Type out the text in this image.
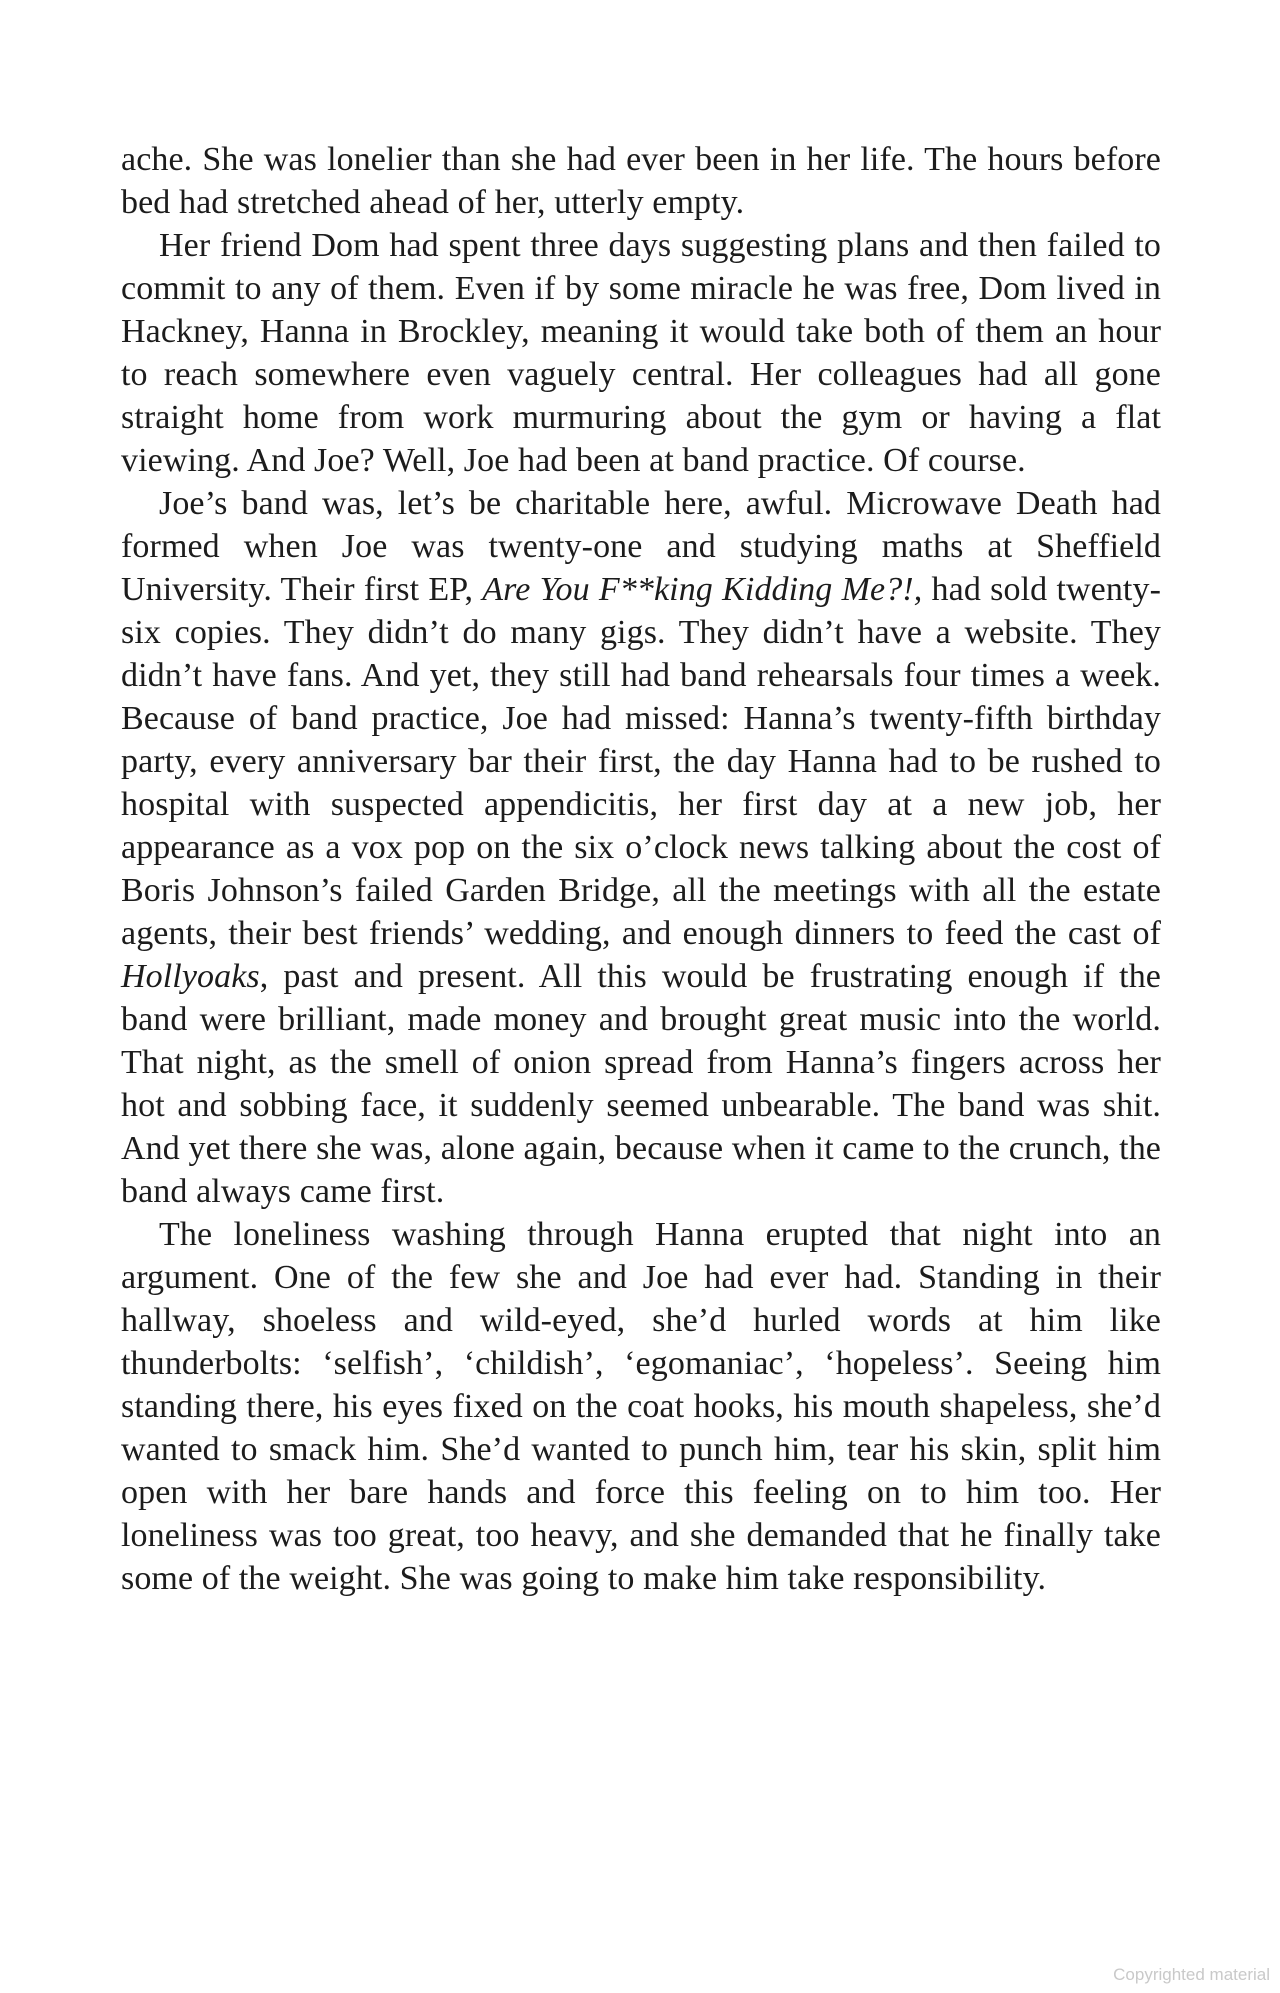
ache. She was lonelier than she had ever been in her life. The hours before bed had stretched ahead of her, utterly empty.

Her friend Dom had spent three days suggesting plans and then failed to commit to any of them. Even if by some miracle he was free, Dom lived in Hackney, Hanna in Brockley, meaning it would take both of them an hour to reach somewhere even vaguely central. Her colleagues had all gone straight home from work murmuring about the gym or having a flat viewing. And Joe? Well, Joe had been at band practice. Of course.

Joe’s band was, let’s be charitable here, awful. Microwave Death had formed when Joe was twenty-one and studying maths at Sheffield University. Their first EP, Are You F**king Kidding Me?!, had sold twenty-six copies. They didn’t do many gigs. They didn’t have a website. They didn’t have fans. And yet, they still had band rehearsals four times a week. Because of band practice, Joe had missed: Hanna’s twenty-fifth birthday party, every anniversary bar their first, the day Hanna had to be rushed to hospital with suspected appendicitis, her first day at a new job, her appearance as a vox pop on the six o’clock news talking about the cost of Boris Johnson’s failed Garden Bridge, all the meetings with all the estate agents, their best friends’ wedding, and enough dinners to feed the cast of Hollyoaks, past and present. All this would be frustrating enough if the band were brilliant, made money and brought great music into the world. That night, as the smell of onion spread from Hanna’s fingers across her hot and sobbing face, it suddenly seemed unbearable. The band was shit. And yet there she was, alone again, because when it came to the crunch, the band always came first.

The loneliness washing through Hanna erupted that night into an argument. One of the few she and Joe had ever had. Standing in their hallway, shoeless and wild-eyed, she’d hurled words at him like thunderbolts: ‘selfish’, ‘childish’, ‘egomaniac’, ‘hopeless’. Seeing him standing there, his eyes fixed on the coat hooks, his mouth shapeless, she’d wanted to smack him. She’d wanted to punch him, tear his skin, split him open with her bare hands and force this feeling on to him too. Her loneliness was too great, too heavy, and she demanded that he finally take some of the weight. She was going to make him take responsibility.

Copyrighted material
